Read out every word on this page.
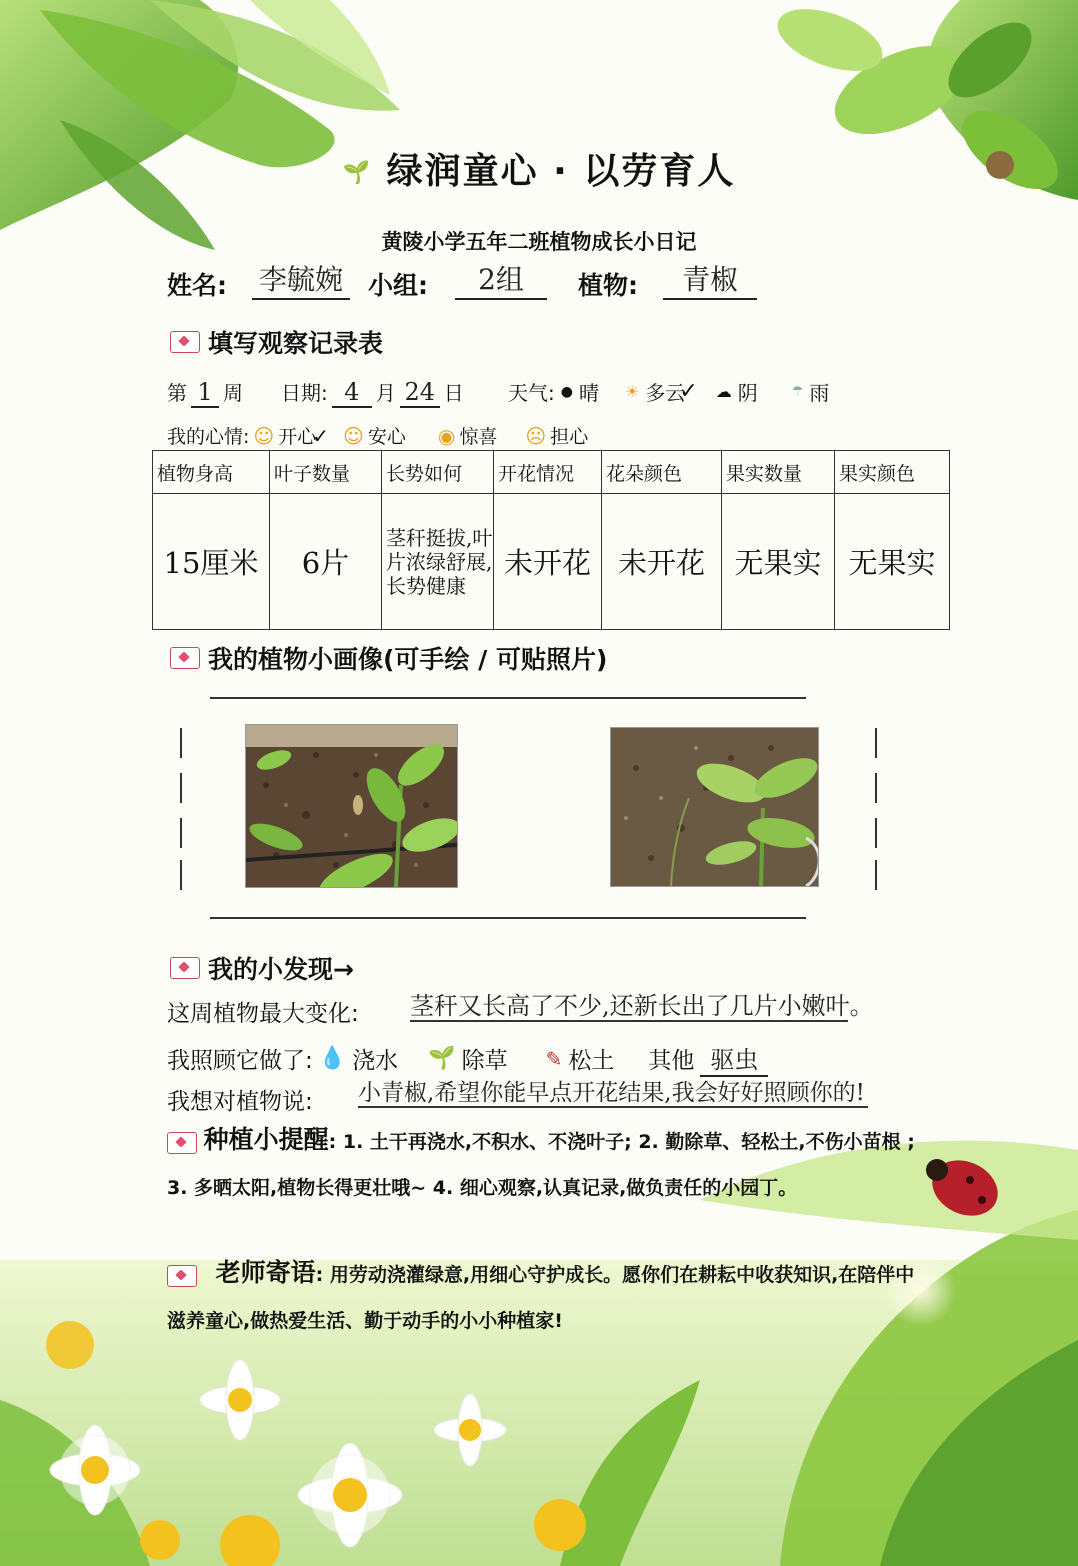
🌱 绿润童心 · 以劳育人
黄陵小学五年二班植物成长小日记
姓名: 李毓婉 小组:	2组	植物:	青椒
填写观察记录表
第 1 周 日期: 4 月 24 日 天气: ● 晴 ☀ 多云
✓ ☁ 阴	☂ 雨
我的心情: ☺ 开心
✓ ☺ 安心 ◉ 惊喜 ☹ 担心
植物身高	叶子数量	长势如何	开花情况	花朵颜色	果实数量	果实颜色
15厘米	6片	茎秆挺拔,叶片浓绿舒展,长势健康	未开花	未开花	无果实	无果实
我的植物小画像(可手绘 / 可贴照片)
我的小发现→
这周植物最大变化: 茎秆又长高了不少,还新长出了几片小嫩叶。
我照顾它做了: 💧 浇水 🌱 除草 ✎ 松土 其他 驱虫
我想对植物说: 小青椒,希望你能早点开花结果,我会好好照顾你的!
种植小提醒: 1. 土干再浇水,不积水、不浇叶子; 2. 勤除草、轻松土,不伤小苗根 ; 3. 多晒太阳,植物长得更壮哦~ 4. 细心观察,认真记录,做负责任的小园丁。
老师寄语: 用劳动浇灌绿意,用细心守护成长。愿你们在耕耘中收获知识,在陪伴中滋养童心,做热爱生活、勤于动手的小小种植家!
